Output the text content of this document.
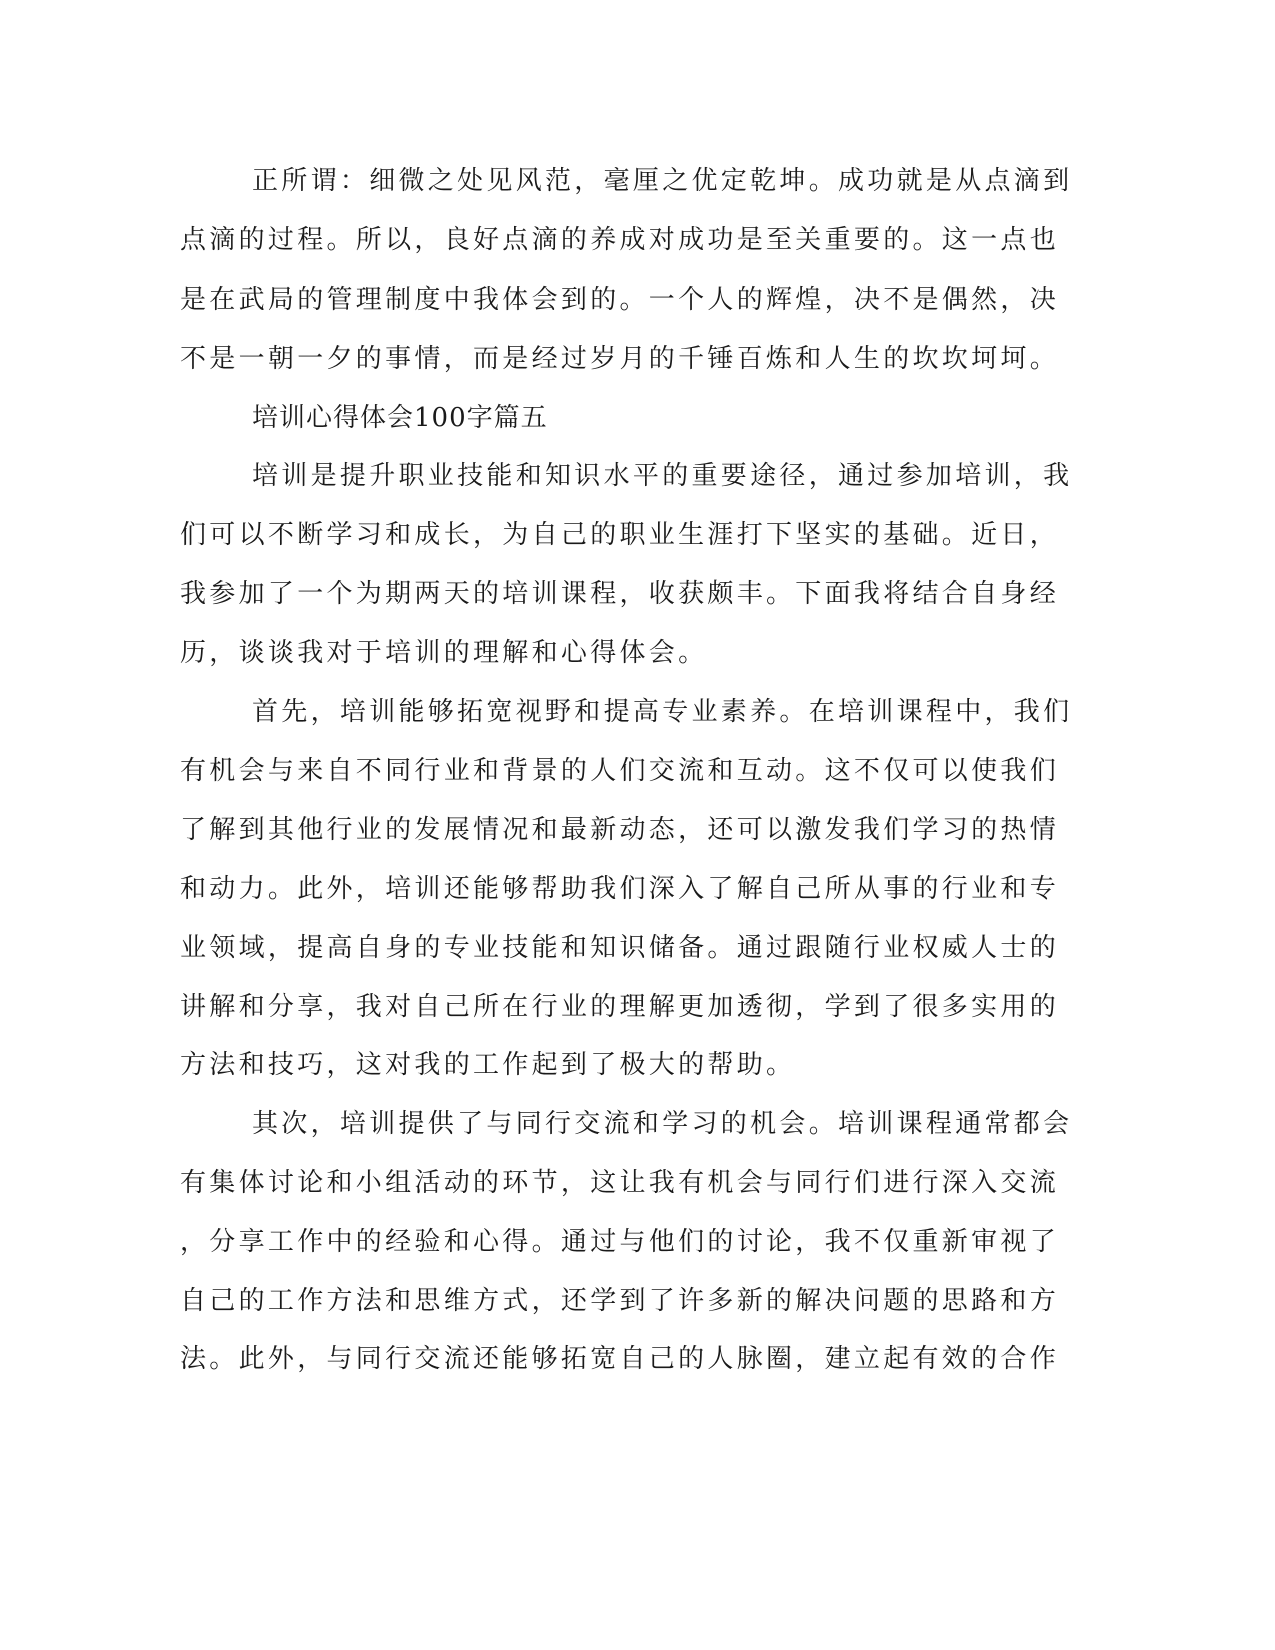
正所谓：细微之处见风范，毫厘之优定乾坤。成功就是从点滴到
点滴的过程。所以，良好点滴的养成对成功是至关重要的。这一点也
是在武局的管理制度中我体会到的。一个人的辉煌，决不是偶然，决
不是一朝一夕的事情，而是经过岁月的千锤百炼和人生的坎坎坷坷。
培训心得体会100字篇五
培训是提升职业技能和知识水平的重要途径，通过参加培训，我
们可以不断学习和成长，为自己的职业生涯打下坚实的基础。近日，
我参加了一个为期两天的培训课程，收获颇丰。下面我将结合自身经
历，谈谈我对于培训的理解和心得体会。
首先，培训能够拓宽视野和提高专业素养。在培训课程中，我们
有机会与来自不同行业和背景的人们交流和互动。这不仅可以使我们
了解到其他行业的发展情况和最新动态，还可以激发我们学习的热情
和动力。此外，培训还能够帮助我们深入了解自己所从事的行业和专
业领域，提高自身的专业技能和知识储备。通过跟随行业权威人士的
讲解和分享，我对自己所在行业的理解更加透彻，学到了很多实用的
方法和技巧，这对我的工作起到了极大的帮助。
其次，培训提供了与同行交流和学习的机会。培训课程通常都会
有集体讨论和小组活动的环节，这让我有机会与同行们进行深入交流
，分享工作中的经验和心得。通过与他们的讨论，我不仅重新审视了
自己的工作方法和思维方式，还学到了许多新的解决问题的思路和方
法。此外，与同行交流还能够拓宽自己的人脉圈，建立起有效的合作
